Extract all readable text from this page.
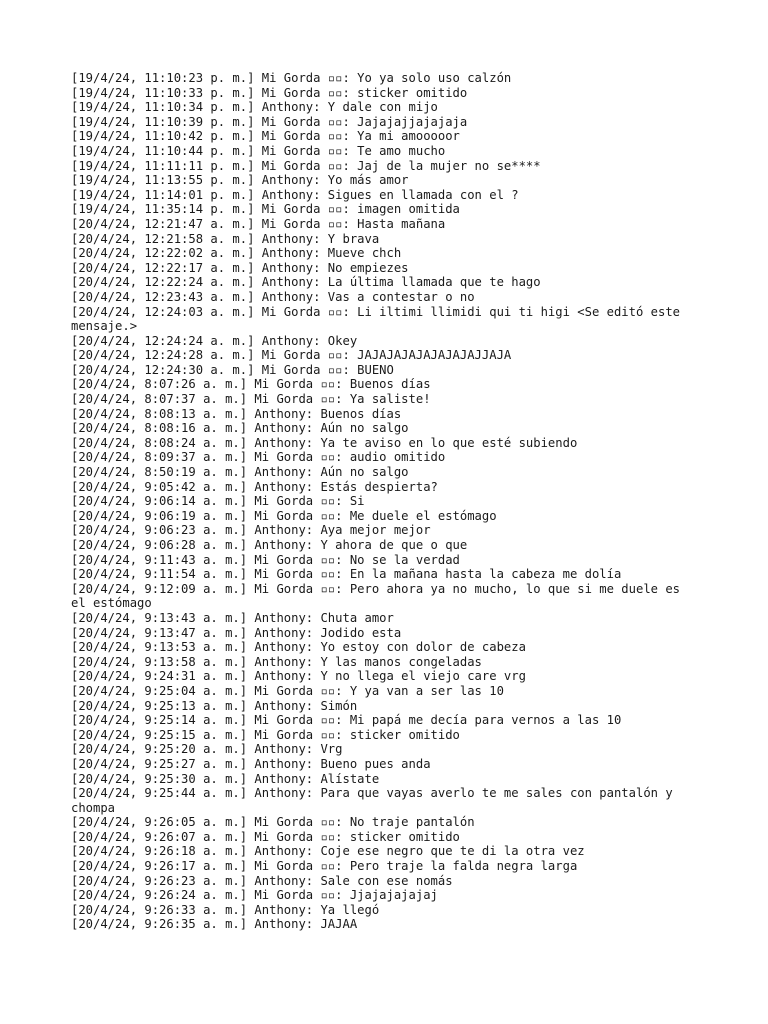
[19/4/24, 11:10:23 p. m.] Mi Gorda ▫▫: Yo ya solo uso calzón
[19/4/24, 11:10:33 p. m.] Mi Gorda ▫▫: sticker omitido
[19/4/24, 11:10:34 p. m.] Anthony: Y dale con mijo
[19/4/24, 11:10:39 p. m.] Mi Gorda ▫▫: Jajajajjajajaja
[19/4/24, 11:10:42 p. m.] Mi Gorda ▫▫: Ya mi amooooor
[19/4/24, 11:10:44 p. m.] Mi Gorda ▫▫: Te amo mucho
[19/4/24, 11:11:11 p. m.] Mi Gorda ▫▫: Jaj de la mujer no se****
[19/4/24, 11:13:55 p. m.] Anthony: Yo más amor
[19/4/24, 11:14:01 p. m.] Anthony: Sigues en llamada con el ?
[19/4/24, 11:35:14 p. m.] Mi Gorda ▫▫: imagen omitida
[20/4/24, 12:21:47 a. m.] Mi Gorda ▫▫: Hasta mañana
[20/4/24, 12:21:58 a. m.] Anthony: Y brava
[20/4/24, 12:22:02 a. m.] Anthony: Mueve chch
[20/4/24, 12:22:17 a. m.] Anthony: No empiezes
[20/4/24, 12:22:24 a. m.] Anthony: La última llamada que te hago
[20/4/24, 12:23:43 a. m.] Anthony: Vas a contestar o no
[20/4/24, 12:24:03 a. m.] Mi Gorda ▫▫: Li iltimi llimidi qui ti higi <Se editó este mensaje.>
[20/4/24, 12:24:24 a. m.] Anthony: Okey
[20/4/24, 12:24:28 a. m.] Mi Gorda ▫▫: JAJAJAJAJAJAJAJAJJAJA
[20/4/24, 12:24:30 a. m.] Mi Gorda ▫▫: BUENO
[20/4/24, 8:07:26 a. m.] Mi Gorda ▫▫: Buenos días
[20/4/24, 8:07:37 a. m.] Mi Gorda ▫▫: Ya saliste!
[20/4/24, 8:08:13 a. m.] Anthony: Buenos días
[20/4/24, 8:08:16 a. m.] Anthony: Aún no salgo
[20/4/24, 8:08:24 a. m.] Anthony: Ya te aviso en lo que esté subiendo
[20/4/24, 8:09:37 a. m.] Mi Gorda ▫▫: audio omitido
[20/4/24, 8:50:19 a. m.] Anthony: Aún no salgo
[20/4/24, 9:05:42 a. m.] Anthony: Estás despierta?
[20/4/24, 9:06:14 a. m.] Mi Gorda ▫▫: Si
[20/4/24, 9:06:19 a. m.] Mi Gorda ▫▫: Me duele el estómago
[20/4/24, 9:06:23 a. m.] Anthony: Aya mejor mejor
[20/4/24, 9:06:28 a. m.] Anthony: Y ahora de que o que
[20/4/24, 9:11:43 a. m.] Mi Gorda ▫▫: No se la verdad
[20/4/24, 9:11:54 a. m.] Mi Gorda ▫▫: En la mañana hasta la cabeza me dolía
[20/4/24, 9:12:09 a. m.] Mi Gorda ▫▫: Pero ahora ya no mucho, lo que si me duele es el estómago
[20/4/24, 9:13:43 a. m.] Anthony: Chuta amor
[20/4/24, 9:13:47 a. m.] Anthony: Jodido esta
[20/4/24, 9:13:53 a. m.] Anthony: Yo estoy con dolor de cabeza
[20/4/24, 9:13:58 a. m.] Anthony: Y las manos congeladas
[20/4/24, 9:24:31 a. m.] Anthony: Y no llega el viejo care vrg
[20/4/24, 9:25:04 a. m.] Mi Gorda ▫▫: Y ya van a ser las 10
[20/4/24, 9:25:13 a. m.] Anthony: Simón
[20/4/24, 9:25:14 a. m.] Mi Gorda ▫▫: Mi papá me decía para vernos a las 10
[20/4/24, 9:25:15 a. m.] Mi Gorda ▫▫: sticker omitido
[20/4/24, 9:25:20 a. m.] Anthony: Vrg
[20/4/24, 9:25:27 a. m.] Anthony: Bueno pues anda
[20/4/24, 9:25:30 a. m.] Anthony: Alístate
[20/4/24, 9:25:44 a. m.] Anthony: Para que vayas averlo te me sales con pantalón y chompa
[20/4/24, 9:26:05 a. m.] Mi Gorda ▫▫: No traje pantalón
[20/4/24, 9:26:07 a. m.] Mi Gorda ▫▫: sticker omitido
[20/4/24, 9:26:18 a. m.] Anthony: Coje ese negro que te di la otra vez
[20/4/24, 9:26:17 a. m.] Mi Gorda ▫▫: Pero traje la falda negra larga
[20/4/24, 9:26:23 a. m.] Anthony: Sale con ese nomás
[20/4/24, 9:26:24 a. m.] Mi Gorda ▫▫: Jjajajajajaj
[20/4/24, 9:26:33 a. m.] Anthony: Ya llegó
[20/4/24, 9:26:35 a. m.] Anthony: JAJAA
